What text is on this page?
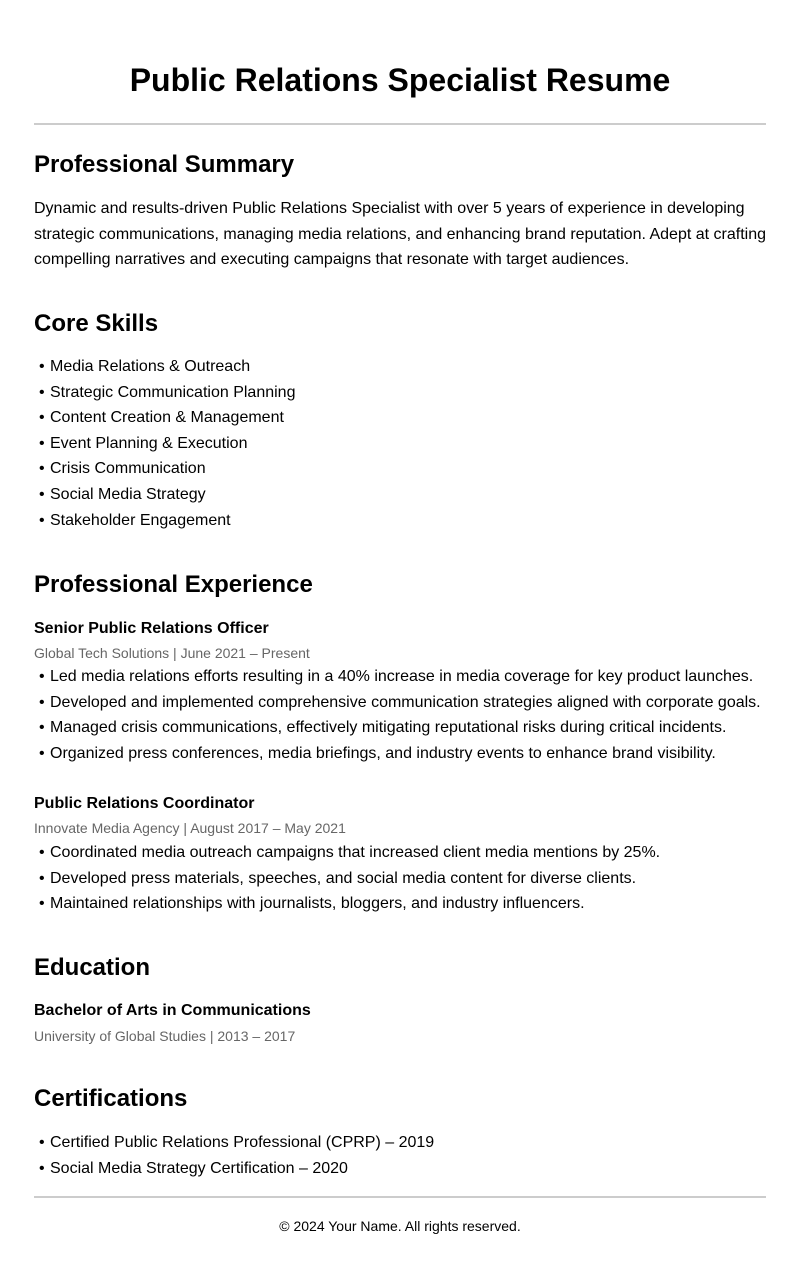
Public Relations Specialist Resume
Professional Summary

Dynamic and results-driven Public Relations Specialist with over 5 years of experience in developing strategic communications, managing media relations, and enhancing brand reputation. Adept at crafting compelling narratives and executing campaigns that resonate with target audiences.

Core Skills
• Media Relations & Outreach
• Strategic Communication Planning
• Content Creation & Management
• Event Planning & Execution
• Crisis Communication
• Social Media Strategy
• Stakeholder Engagement
Professional Experience
Senior Public Relations Officer

Global Tech Solutions | June 2021 – Present

• Led media relations efforts resulting in a 40% increase in media coverage for key product launches.
• Developed and implemented comprehensive communication strategies aligned with corporate goals.
• Managed crisis communications, effectively mitigating reputational risks during critical incidents.
• Organized press conferences, media briefings, and industry events to enhance brand visibility.
Public Relations Coordinator

Innovate Media Agency | August 2017 – May 2021

• Coordinated media outreach campaigns that increased client media mentions by 25%.
• Developed press materials, speeches, and social media content for diverse clients.
• Maintained relationships with journalists, bloggers, and industry influencers.
Education
Bachelor of Arts in Communications

University of Global Studies | 2013 – 2017

Certifications
• Certified Public Relations Professional (CPRP) – 2019
• Social Media Strategy Certification – 2020

© 2024 Your Name. All rights reserved.
